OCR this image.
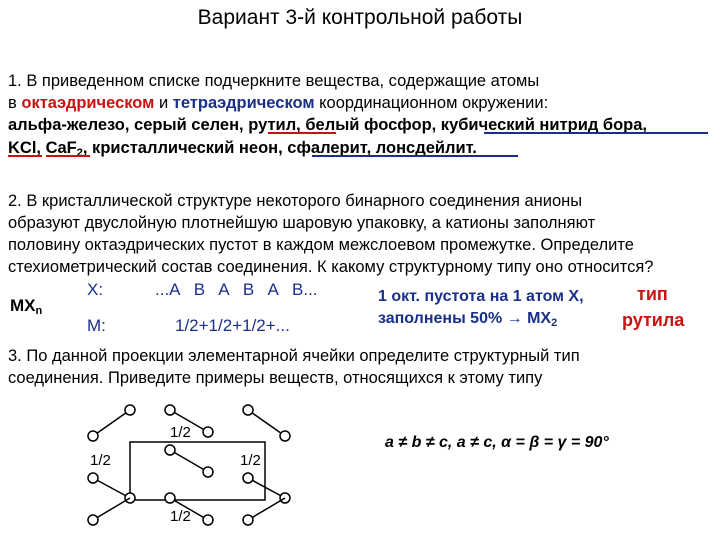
Вариант 3-й контрольной работы
1. В приведенном списке подчеркните вещества, содержащие атомы
в октаэдрическом и тетраэдрическом координационном окружении:
альфа-железо, серый селен, рутил, белый фосфор, кубический нитрид бора,
KCl, CaF$_2$, кристаллический неон, сфалерит, лонсдейлит.
2. В кристаллической структуре некоторого бинарного соединения анионы
образуют двуслойную плотнейшую шаровую упаковку, а катионы заполняют
половину октаэдрических пустот в каждом межслоевом промежутке. Определите
стехиометрический состав соединения. К какому структурному типу оно относится?
$MX_n$
X:	...A   B   A   B   A   B...
M:	1/2+1/2+1/2+...
1 окт. пустота на 1 атом X,
заполнены $50\% \to MX_2$
тип
рутила
3. По данной проекции элементарной ячейки определите структурный тип
соединения. Приведите примеры веществ, относящихся к этому типу
a ≠ b ≠ c, a ≠ c, α = β = γ = 90°
1/2
1/2	1/2
1/2
